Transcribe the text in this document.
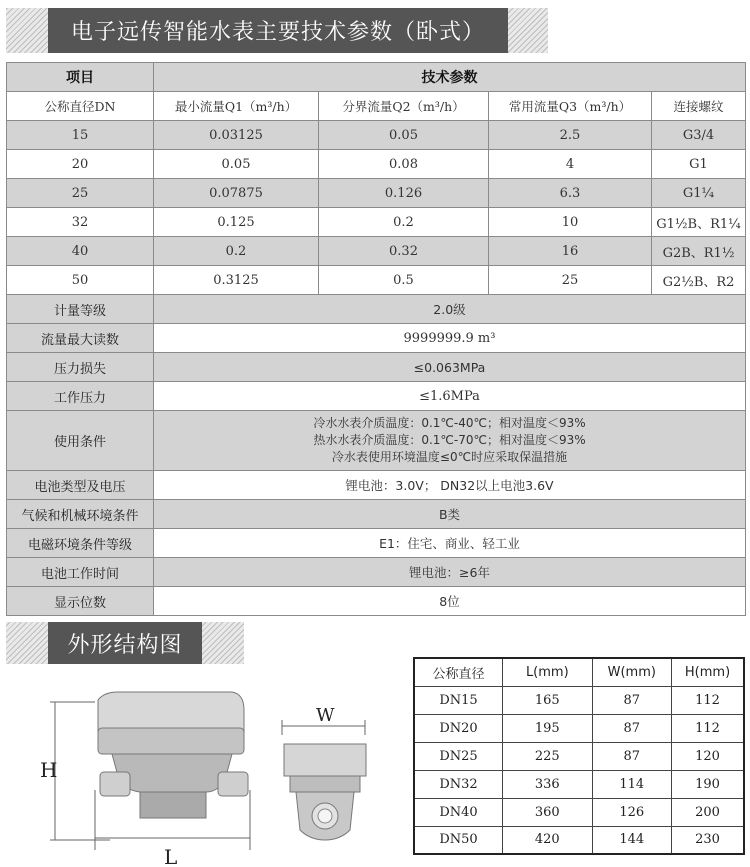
电子远传智能水表主要技术参数（卧式）
项目	技术参数			
公称直径DN	最小流量Q1（m³/h）	分界流量Q2（m³/h）	常用流量Q3（m³/h）	连接螺纹
15	0.03125	0.05	2.5	G3/4
20	0.05	0.08	4	G1
25	0.07875	0.126	6.3	G1¼
32	0.125	0.2	10	G1½B、R1¼
40	0.2	0.32	16	G2B、R1½
50	0.3125	0.5	25	G2½B、R2
计量等级	2.0级			
流量最大读数	9999999.9 m³			
压力损失	≤0.063MPa			
工作压力	≤1.6MPa			
使用条件	冷水水表介质温度：0.1℃-40℃；相对温度＜93%
热水水表介质温度：0.1℃-70℃；相对温度＜93%
冷水表使用环境温度≤0℃时应采取保温措施			

电池类型及电压	锂电池：3.0V； DN32以上电池3.6V			
气候和机械环境条件	B类			
电磁环境条件等级	E1：住宅、商业、轻工业			
电池工作时间	锂电池：≥6年			
显示位数	8位			
外形结构图
H
L
W
公称直径	L(mm)	W(mm)	H(mm)
DN15	165	87	112
DN20	195	87	112
DN25	225	87	120
DN32	336	114	190
DN40	360	126	200
DN50	420	144	230
